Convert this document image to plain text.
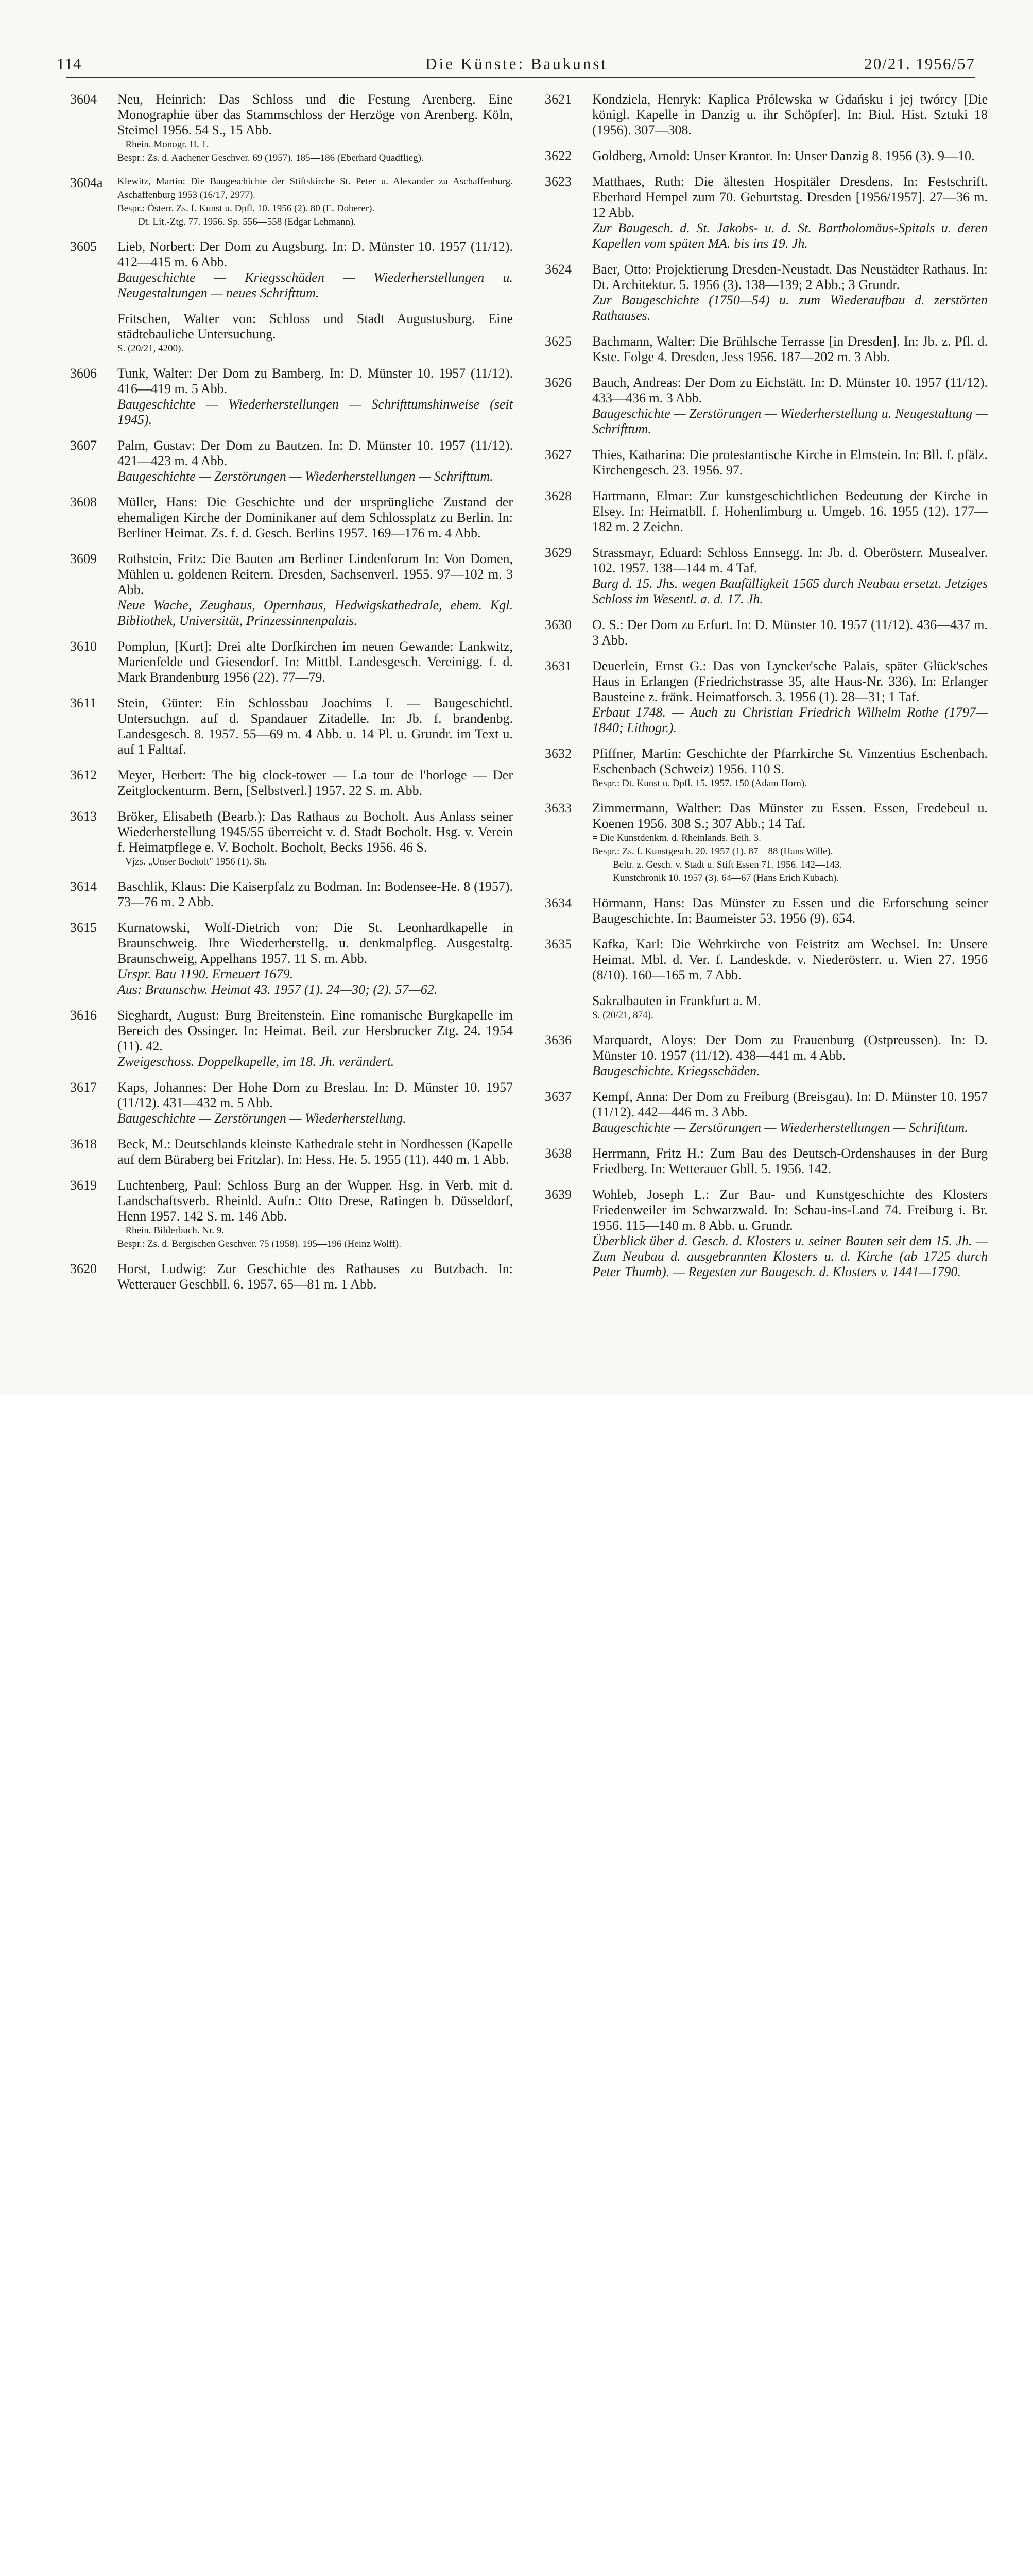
114	Die Künste: Baukunst	20/21. 1956/57
3604	Neu, Heinrich: Das Schloss und die Festung Arenberg. Eine Monographie über das Stammschloss der Herzöge von Arenberg. Köln, Steimel 1956. 54 S., 15 Abb.

= Rhein. Monogr. H. 1.

Bespr.: Zs. d. Aachener Geschver. 69 (1957). 185—186 (Eberhard Quadflieg).

3604a	Klewitz, Martin: Die Baugeschichte der Stiftskirche St. Peter u. Alexander zu Aschaffenburg. Aschaffenburg 1953 (16/17, 2977).

Bespr.: Österr. Zs. f. Kunst u. Dpfl. 10. 1956 (2). 80 (E. Doberer).

Dt. Lit.-Ztg. 77. 1956. Sp. 556—558 (Edgar Lehmann).

3605	Lieb, Norbert: Der Dom zu Augsburg. In: D. Münster 10. 1957 (11/12). 412—415 m. 6 Abb.

Baugeschichte — Kriegsschäden — Wiederherstellungen u. Neugestaltungen — neues Schrifttum.

Fritschen, Walter von: Schloss und Stadt Augustusburg. Eine städtebauliche Untersuchung.

S. (20/21, 4200).

3606	Tunk, Walter: Der Dom zu Bamberg. In: D. Münster 10. 1957 (11/12). 416—419 m. 5 Abb.

Baugeschichte — Wiederherstellungen — Schrifttumshinweise (seit 1945).

3607	Palm, Gustav: Der Dom zu Bautzen. In: D. Münster 10. 1957 (11/12). 421—423 m. 4 Abb.

Baugeschichte — Zerstörungen — Wiederherstellungen — Schrifttum.

3608	Müller, Hans: Die Geschichte und der ursprüngliche Zustand der ehemaligen Kirche der Dominikaner auf dem Schlossplatz zu Berlin. In: Berliner Heimat. Zs. f. d. Gesch. Berlins 1957. 169—176 m. 4 Abb.

3609	Rothstein, Fritz: Die Bauten am Berliner Lindenforum In: Von Domen, Mühlen u. goldenen Reitern. Dresden, Sachsenverl. 1955. 97—102 m. 3 Abb.

Neue Wache, Zeughaus, Opernhaus, Hedwigskathedrale, ehem. Kgl. Bibliothek, Universität, Prinzessinnenpalais.

3610	Pomplun, [Kurt]: Drei alte Dorfkirchen im neuen Gewande: Lankwitz, Marienfelde und Giesendorf. In: Mittbl. Landesgesch. Vereinigg. f. d. Mark Brandenburg 1956 (22). 77—79.

3611	Stein, Günter: Ein Schlossbau Joachims I. — Baugeschichtl. Untersuchgn. auf d. Spandauer Zitadelle. In: Jb. f. brandenbg. Landesgesch. 8. 1957. 55—69 m. 4 Abb. u. 14 Pl. u. Grundr. im Text u. auf 1 Falttaf.

3612	Meyer, Herbert: The big clock-tower — La tour de l'horloge — Der Zeitglockenturm. Bern, [Selbstverl.] 1957. 22 S. m. Abb.

3613	Bröker, Elisabeth (Bearb.): Das Rathaus zu Bocholt. Aus Anlass seiner Wiederherstellung 1945/55 überreicht v. d. Stadt Bocholt. Hsg. v. Verein f. Heimatpflege e. V. Bocholt. Bocholt, Becks 1956. 46 S.

= Vjzs. „Unser Bocholt" 1956 (1). Sh.

3614	Baschlik, Klaus: Die Kaiserpfalz zu Bodman. In: Bodensee-He. 8 (1957). 73—76 m. 2 Abb.

3615	Kurnatowski, Wolf-Dietrich von: Die St. Leonhardkapelle in Braunschweig. Ihre Wiederherstellg. u. denkmalpfleg. Ausgestaltg. Braunschweig, Appelhans 1957. 11 S. m. Abb.

Urspr. Bau 1190. Erneuert 1679.

Aus: Braunschw. Heimat 43. 1957 (1). 24—30; (2). 57—62.

3616	Sieghardt, August: Burg Breitenstein. Eine romanische Burgkapelle im Bereich des Ossinger. In: Heimat. Beil. zur Hersbrucker Ztg. 24. 1954 (11). 42.

Zweigeschoss. Doppelkapelle, im 18. Jh. verändert.

3617	Kaps, Johannes: Der Hohe Dom zu Breslau. In: D. Münster 10. 1957 (11/12). 431—432 m. 5 Abb.

Baugeschichte — Zerstörungen — Wiederherstellung.

3618	Beck, M.: Deutschlands kleinste Kathedrale steht in Nordhessen (Kapelle auf dem Büraberg bei Fritzlar). In: Hess. He. 5. 1955 (11). 440 m. 1 Abb.

3619	Luchtenberg, Paul: Schloss Burg an der Wupper. Hsg. in Verb. mit d. Landschaftsverb. Rheinld. Aufn.: Otto Drese, Ratingen b. Düsseldorf, Henn 1957. 142 S. m. 146 Abb.

= Rhein. Bilderbuch. Nr. 9.

Bespr.: Zs. d. Bergischen Geschver. 75 (1958). 195—196 (Heinz Wolff).

3620	Horst, Ludwig: Zur Geschichte des Rathauses zu Butzbach. In: Wetterauer Geschbll. 6. 1957. 65—81 m. 1 Abb.

3621	Kondziela, Henryk: Kaplica Prólewska w Gdańsku i jej twórcy [Die königl. Kapelle in Danzig u. ihr Schöpfer]. In: Biul. Hist. Sztuki 18 (1956). 307—308.

3622	Goldberg, Arnold: Unser Krantor. In: Unser Danzig 8. 1956 (3). 9—10.

3623	Matthaes, Ruth: Die ältesten Hospitäler Dresdens. In: Festschrift. Eberhard Hempel zum 70. Geburtstag. Dresden [1956/1957]. 27—36 m. 12 Abb.

Zur Baugesch. d. St. Jakobs- u. d. St. Bartholomäus-Spitals u. deren Kapellen vom späten MA. bis ins 19. Jh.

3624	Baer, Otto: Projektierung Dresden-Neustadt. Das Neustädter Rathaus. In: Dt. Architektur. 5. 1956 (3). 138—139; 2 Abb.; 3 Grundr.

Zur Baugeschichte (1750—54) u. zum Wiederaufbau d. zerstörten Rathauses.

3625	Bachmann, Walter: Die Brühlsche Terrasse [in Dresden]. In: Jb. z. Pfl. d. Kste. Folge 4. Dresden, Jess 1956. 187—202 m. 3 Abb.

3626	Bauch, Andreas: Der Dom zu Eichstätt. In: D. Münster 10. 1957 (11/12). 433—436 m. 3 Abb.

Baugeschichte — Zerstörungen — Wiederherstellung u. Neugestaltung — Schrifttum.

3627	Thies, Katharina: Die protestantische Kirche in Elmstein. In: Bll. f. pfälz. Kirchengesch. 23. 1956. 97.

3628	Hartmann, Elmar: Zur kunstgeschichtlichen Bedeutung der Kirche in Elsey. In: Heimatbll. f. Hohenlimburg u. Umgeb. 16. 1955 (12). 177—182 m. 2 Zeichn.

3629	Strassmayr, Eduard: Schloss Ennsegg. In: Jb. d. Oberösterr. Musealver. 102. 1957. 138—144 m. 4 Taf.

Burg d. 15. Jhs. wegen Baufälligkeit 1565 durch Neubau ersetzt. Jetziges Schloss im Wesentl. a. d. 17. Jh.

3630	O. S.: Der Dom zu Erfurt. In: D. Münster 10. 1957 (11/12). 436—437 m. 3 Abb.

3631	Deuerlein, Ernst G.: Das von Lyncker'sche Palais, später Glück'sches Haus in Erlangen (Friedrichstrasse 35, alte Haus-Nr. 336). In: Erlanger Bausteine z. fränk. Heimatforsch. 3. 1956 (1). 28—31; 1 Taf.

Erbaut 1748. — Auch zu Christian Friedrich Wilhelm Rothe (1797—1840; Lithogr.).

3632	Pfiffner, Martin: Geschichte der Pfarrkirche St. Vinzentius Eschenbach. Eschenbach (Schweiz) 1956. 110 S.

Bespr.: Dt. Kunst u. Dpfl. 15. 1957. 150 (Adam Horn).

3633	Zimmermann, Walther: Das Münster zu Essen. Essen, Fredebeul u. Koenen 1956. 308 S.; 307 Abb.; 14 Taf.

= Die Kunstdenkm. d. Rheinlands. Beih. 3.

Bespr.: Zs. f. Kunstgesch. 20. 1957 (1). 87—88 (Hans Wille).

Beitr. z. Gesch. v. Stadt u. Stift Essen 71. 1956. 142—143.

Kunstchronik 10. 1957 (3). 64—67 (Hans Erich Kubach).

3634	Hörmann, Hans: Das Münster zu Essen und die Erforschung seiner Baugeschichte. In: Baumeister 53. 1956 (9). 654.

3635	Kafka, Karl: Die Wehrkirche von Feistritz am Wechsel. In: Unsere Heimat. Mbl. d. Ver. f. Landeskde. v. Niederösterr. u. Wien 27. 1956 (8/10). 160—165 m. 7 Abb.

Sakralbauten in Frankfurt a. M.

S. (20/21, 874).

3636	Marquardt, Aloys: Der Dom zu Frauenburg (Ostpreussen). In: D. Münster 10. 1957 (11/12). 438—441 m. 4 Abb.

Baugeschichte. Kriegsschäden.

3637	Kempf, Anna: Der Dom zu Freiburg (Breisgau). In: D. Münster 10. 1957 (11/12). 442—446 m. 3 Abb.

Baugeschichte — Zerstörungen — Wiederherstellungen — Schrifttum.

3638	Herrmann, Fritz H.: Zum Bau des Deutsch-Ordenshauses in der Burg Friedberg. In: Wetterauer Gbll. 5. 1956. 142.

3639	Wohleb, Joseph L.: Zur Bau- und Kunstgeschichte des Klosters Friedenweiler im Schwarzwald. In: Schau-ins-Land 74. Freiburg i. Br. 1956. 115—140 m. 8 Abb. u. Grundr.

Überblick über d. Gesch. d. Klosters u. seiner Bauten seit dem 15. Jh. — Zum Neubau d. ausgebrannten Klosters u. d. Kirche (ab 1725 durch Peter Thumb). — Regesten zur Baugesch. d. Klosters v. 1441—1790.
